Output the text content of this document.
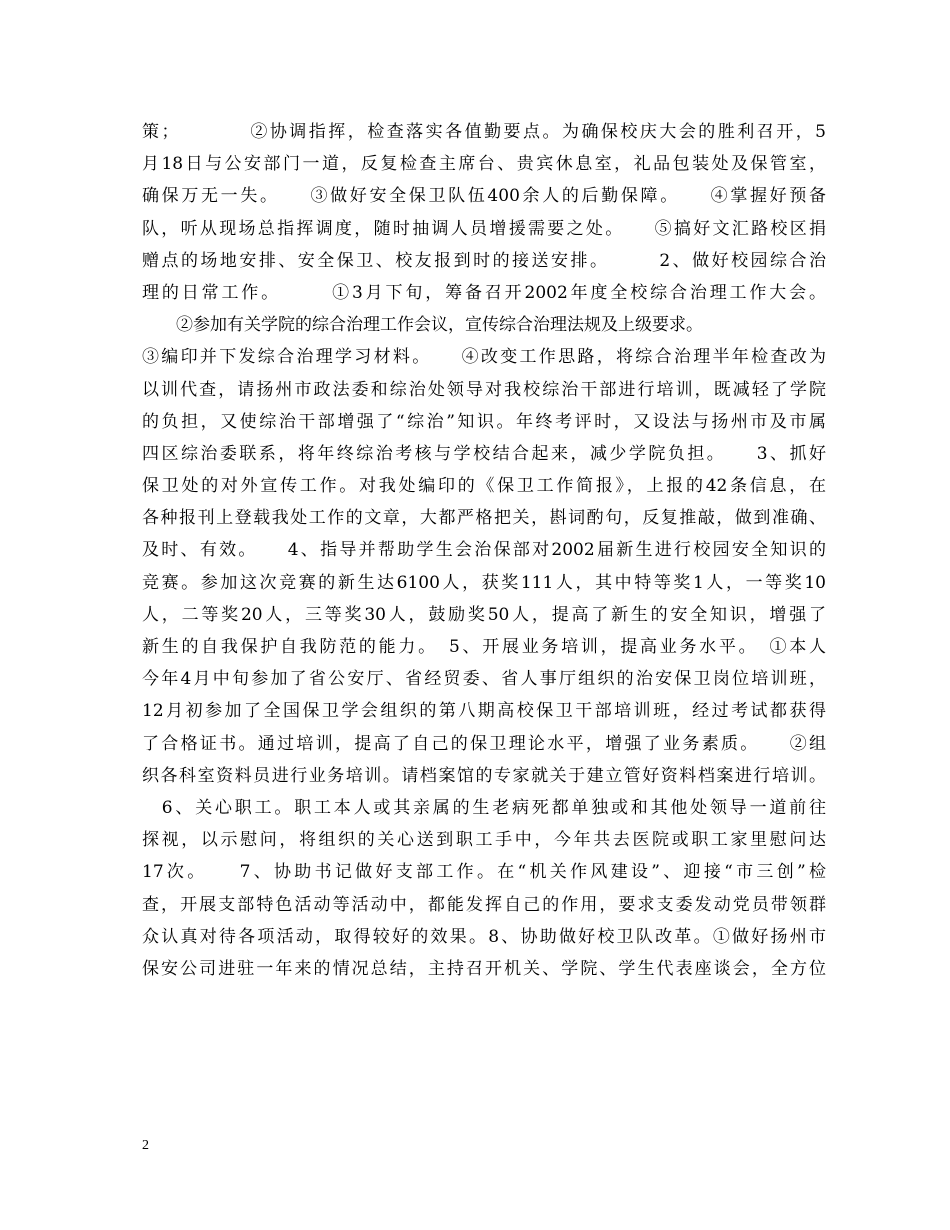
策；　　　　②协调指挥，检查落实各值勤要点。为确保校庆大会的胜利召开，5
月18日与公安部门一道，反复检查主席台、贵宾休息室，礼品包装处及保管室，
确保万无一失。　　③做好安全保卫队伍400余人的后勤保障。　　④掌握好预备
队，听从现场总指挥调度，随时抽调人员增援需要之处。　　⑤搞好文汇路校区捐
赠点的场地安排、安全保卫、校友报到时的接送安排。　　　2、做好校园综合治
理的日常工作。　　　①3月下旬，筹备召开2002年度全校综合治理工作大会。
　　②参加有关学院的综合治理工作会议，宣传综合治理法规及上级要求。
③编印并下发综合治理学习材料。　　④改变工作思路，将综合治理半年检查改为
以训代查，请扬州市政法委和综治处领导对我校综治干部进行培训，既减轻了学院
的负担，又使综治干部增强了“综治”知识。年终考评时，又设法与扬州市及市属
四区综治委联系，将年终综治考核与学校结合起来，减少学院负担。　　3、抓好
保卫处的对外宣传工作。对我处编印的《保卫工作简报》，上报的42条信息，在
各种报刊上登载我处工作的文章，大都严格把关，斟词酌句，反复推敲，做到准确、
及时、有效。　　4、指导并帮助学生会治保部对2002届新生进行校园安全知识的
竞赛。参加这次竞赛的新生达6100人，获奖111人，其中特等奖1人，一等奖10
人，二等奖20人，三等奖30人，鼓励奖50人，提高了新生的安全知识，增强了
新生的自我保护自我防范的能力。　5、开展业务培训，提高业务水平。　①本人
今年4月中旬参加了省公安厅、省经贸委、省人事厅组织的治安保卫岗位培训班，
12月初参加了全国保卫学会组织的第八期高校保卫干部培训班，经过考试都获得
了合格证书。通过培训，提高了自己的保卫理论水平，增强了业务素质。　　②组
织各科室资料员进行业务培训。请档案馆的专家就关于建立管好资料档案进行培训。
　6、关心职工。职工本人或其亲属的生老病死都单独或和其他处领导一道前往
探视，以示慰问，将组织的关心送到职工手中，今年共去医院或职工家里慰问达
17次。　　7、协助书记做好支部工作。在“机关作风建设”、迎接“市三创”检
查，开展支部特色活动等活动中，都能发挥自己的作用，要求支委发动党员带领群
众认真对待各项活动，取得较好的效果。8、协助做好校卫队改革。①做好扬州市
保安公司进驻一年来的情况总结，主持召开机关、学院、学生代表座谈会，全方位
2
